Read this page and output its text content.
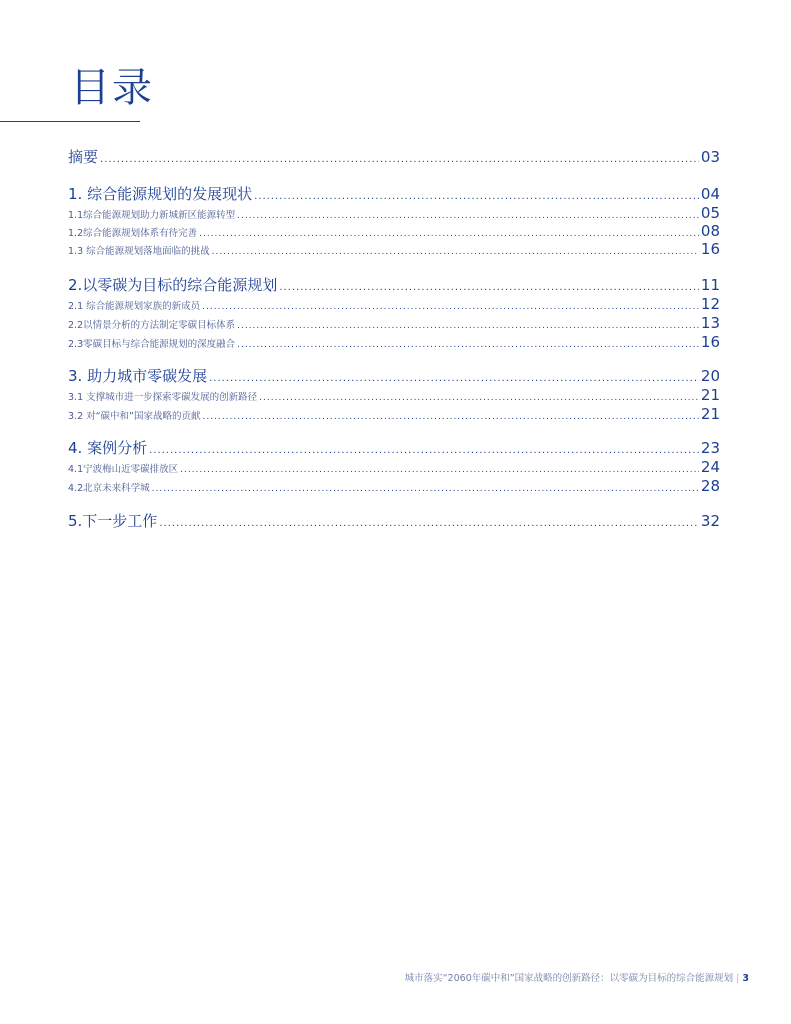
目录
摘要 .....	03
1. 综合能源规划的发展现状 .....	04
1.1综合能源规划助力新城新区能源转型 .....	05
1.2综合能源规划体系有待完善 .....	08
1.3 综合能源规划落地面临的挑战 .....	16
2.以零碳为目标的综合能源规划 .....	11
2.1 综合能源规划家族的新成员 .....	12
2.2以情景分析的方法制定零碳目标体系 .....	13
2.3零碳目标与综合能源规划的深度融合 .....	16
3. 助力城市零碳发展 .....	20
3.1 支撑城市进一步探索零碳发展的创新路径 .....	21
3.2 对“碳中和”国家战略的贡献 .....	21
4. 案例分析 .....	23
4.1宁波梅山近零碳排放区 .....	24
4.2北京未来科学城 .....	28
5.下一步工作 .....	32
城市落实“2060年碳中和”国家战略的创新路径：以零碳为目标的综合能源规划 | 3
